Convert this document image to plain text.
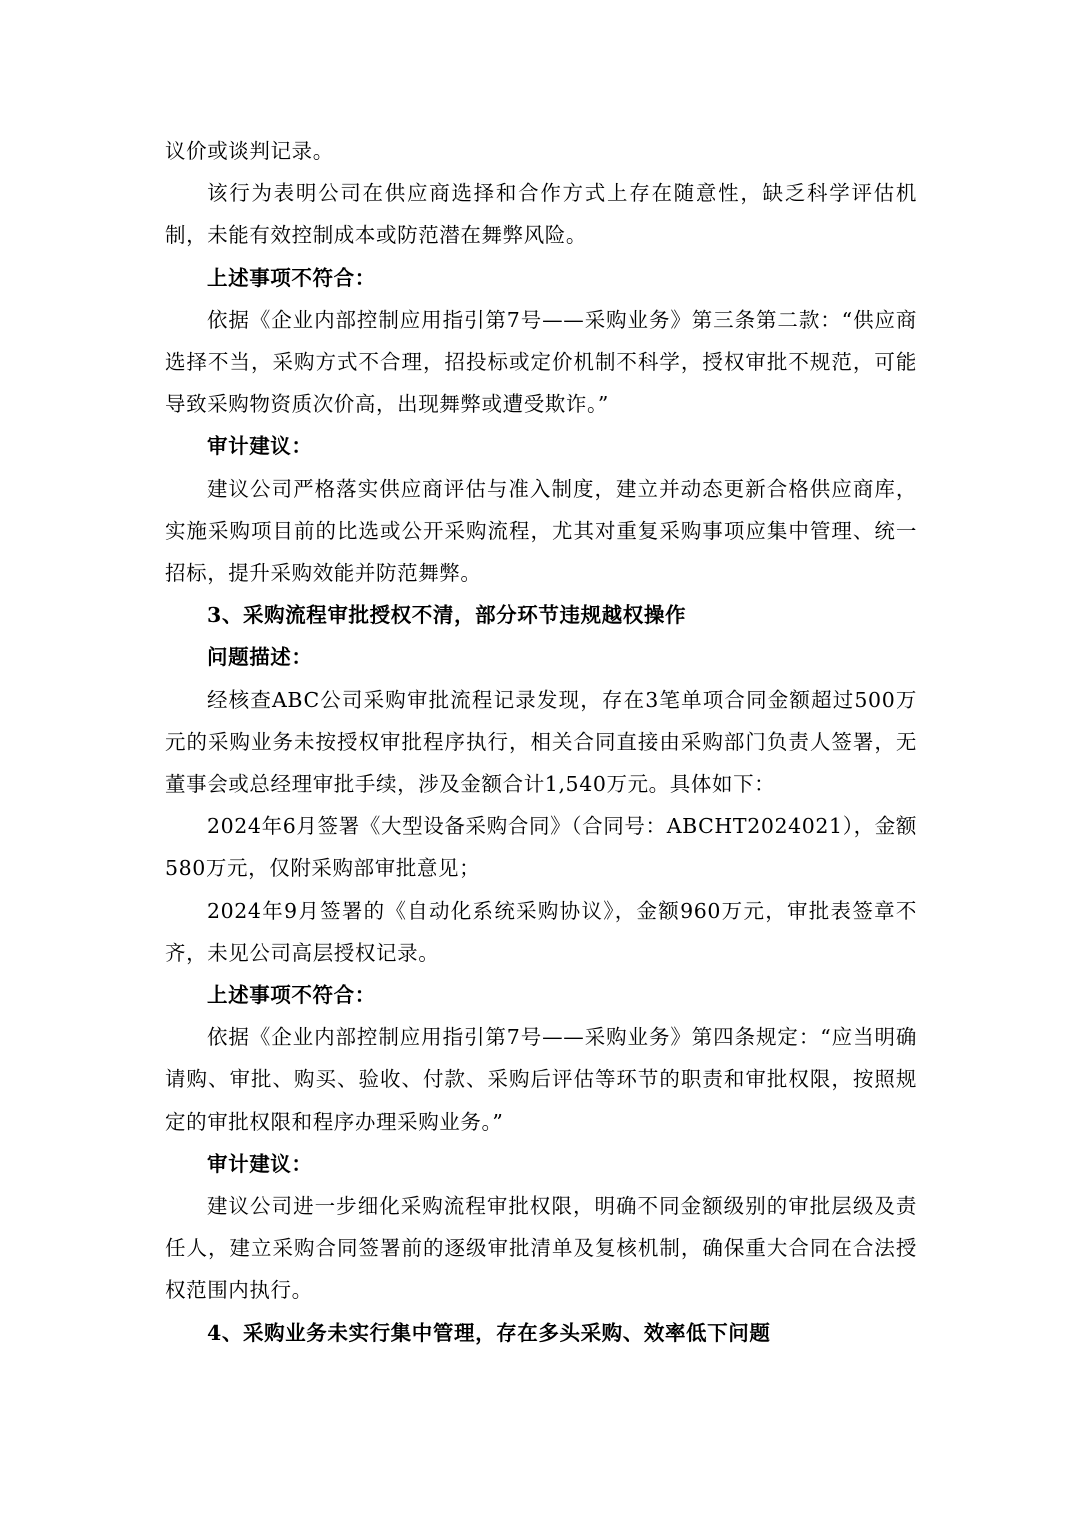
议价或谈判记录。

该行为表明公司在供应商选择和合作方式上存在随意性，缺乏科学评估机制，未能有效控制成本或防范潜在舞弊风险。

上述事项不符合：

依据《企业内部控制应用指引第7号——采购业务》第三条第二款：“供应商选择不当，采购方式不合理，招投标或定价机制不科学，授权审批不规范，可能导致采购物资质次价高，出现舞弊或遭受欺诈。”

审计建议：

建议公司严格落实供应商评估与准入制度，建立并动态更新合格供应商库，实施采购项目前的比选或公开采购流程，尤其对重复采购事项应集中管理、统一招标，提升采购效能并防范舞弊。

3、采购流程审批授权不清，部分环节违规越权操作

问题描述：

经核查ABC公司采购审批流程记录发现，存在3笔单项合同金额超过500万元的采购业务未按授权审批程序执行，相关合同直接由采购部门负责人签署，无董事会或总经理审批手续，涉及金额合计1,540万元。具体如下：

2024年6月签署《大型设备采购合同》（合同号：ABCHT2024021），金额580万元，仅附采购部审批意见；

2024年9月签署的《自动化系统采购协议》，金额960万元，审批表签章不齐，未见公司高层授权记录。

上述事项不符合：

依据《企业内部控制应用指引第7号——采购业务》第四条规定：“应当明确请购、审批、购买、验收、付款、采购后评估等环节的职责和审批权限，按照规定的审批权限和程序办理采购业务。”

审计建议：

建议公司进一步细化采购流程审批权限，明确不同金额级别的审批层级及责任人，建立采购合同签署前的逐级审批清单及复核机制，确保重大合同在合法授权范围内执行。

4、采购业务未实行集中管理，存在多头采购、效率低下问题
